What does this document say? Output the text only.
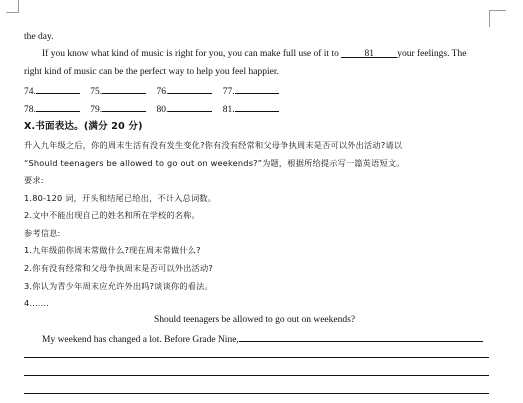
the day.
If you know what kind of music is right for you, you can make full use of it to	81 your feelings. The
right kind of music can be the perfect way to help you feel happier.
74.	75.	76.	77.
78.	79.	80.	81.
X.书面表达。(满分 20 分)
升入九年级之后，你的周末生活有没有发生变化?你有没有经常和父母争执周末是否可以外出活动?请以
“Should teenagers be allowed to go out on weekends?”为题，根据所给提示写一篇英语短文。
要求:
1.80-120 词，开头和结尾已给出，不计入总词数。
2.文中不能出现自己的姓名和所在学校的名称。
参考信息:
1.九年级前你周末常做什么?现在周末常做什么?
2.你有没有经常和父母争执周末是否可以外出活动?
3.你认为青少年周末应允许外出吗?谈谈你的看法。
4.……
Should teenagers be allowed to go out on weekends?
My weekend has changed a lot. Before Grade Nine,
